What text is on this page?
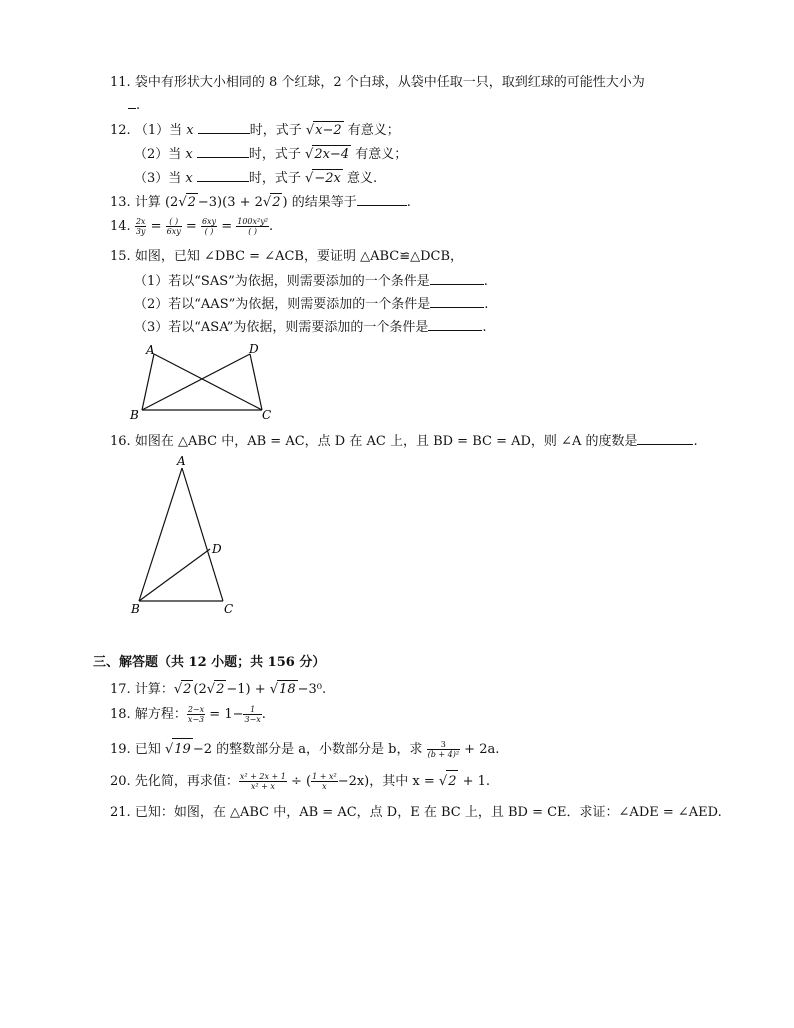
11. 袋中有形状大小相同的 8 个红球，2 个白球，从袋中任取一只，取到红球的可能性大小为
.
12. （1）当 x	时，式子 √x−2 有意义；
（2）当 x	时，式子 √2x−4 有意义；
（3）当 x	时，式子 √−2x 意义.
13. 计算 (2√2 −3)(3 + 2√2 ) 的结果等于	.
14. $\frac{2x}{3y} = \frac{( )}{6xy} = \frac{6xy}{( )} = \frac{\text{100x²y²}}{( )}$ .
15. 如图，已知 ∠DBC = ∠ACB，要证明 △ABC≌△DCB，
（1）若以“SAS”为依据，则需要添加的一个条件是	.
（2）若以“AAS”为依据，则需要添加的一个条件是	.
（3）若以“ASA”为依据，则需要添加的一个条件是	.
A	D
B	C
16. 如图在 △ABC 中，AB = AC，点 D 在 AC 上，且 BD = BC = AD，则 ∠A 的度数是	.
A
D
B	C
三、解答题（共 12 小题；共 156 分）
17. 计算：√2 (2√2 −1) + √18 −3⁰.
18. 解方程： $\frac{2-x}{x-3} = 1- \frac{1}{3-x}$ .
19. 已知 √19 −2 的整数部分是 a，小数部分是 b，求 $\frac{3}{\text{(b + 4)²}} + 2a$.
20. 先化简，再求值： $\frac{\text{x² + 2x + 1}}{\text{x² + x}}$ ÷ ( $\frac{\text{1 + x²}}{x} -2x$)，其中 x = √2 + 1.
21. 已知：如图，在 △ABC 中，AB = AC，点 D，E 在 BC 上，且 BD = CE．求证：∠ADE = ∠AED.
